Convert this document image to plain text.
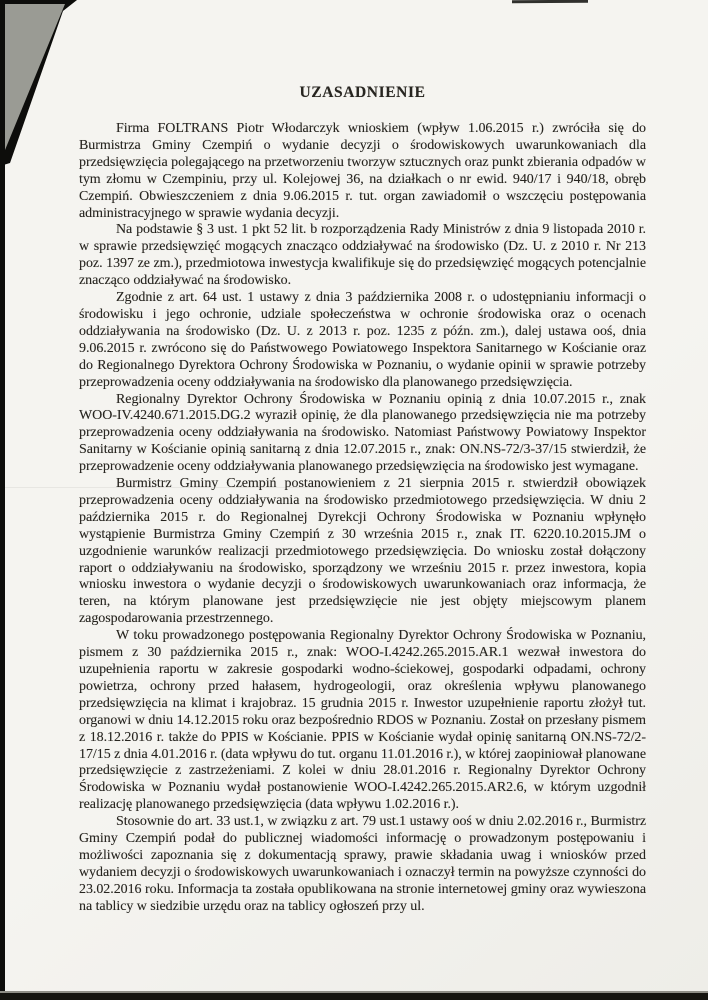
UZASADNIENIE

Firma FOLTRANS Piotr Włodarczyk wnioskiem (wpływ 1.06.2015 r.) zwróciła się do Burmistrza Gminy Czempiń o wydanie decyzji o środowiskowych uwarunkowaniach dla przedsięwzięcia polegającego na przetworzeniu tworzyw sztucznych oraz punkt zbierania odpadów w tym złomu w Czempiniu, przy ul. Kolejowej 36, na działkach o nr ewid. 940/17 i 940/18, obręb Czempiń. Obwieszczeniem z dnia 9.06.2015 r. tut. organ zawiadomił o wszczęciu postępowania administracyjnego w sprawie wydania decyzji.

Na podstawie § 3 ust. 1 pkt 52 lit. b rozporządzenia Rady Ministrów z dnia 9 listopada 2010 r. w sprawie przedsięwzięć mogących znacząco oddziaływać na środowisko (Dz. U. z 2010 r. Nr 213 poz. 1397 ze zm.), przedmiotowa inwestycja kwalifikuje się do przedsięwzięć mogących potencjalnie znacząco oddziaływać na środowisko.

Zgodnie z art. 64 ust. 1 ustawy z dnia 3 października 2008 r. o udostępnianiu informacji o środowisku i jego ochronie, udziale społeczeństwa w ochronie środowiska oraz o ocenach oddziaływania na środowisko (Dz. U. z 2013 r. poz. 1235 z późn. zm.), dalej ustawa ooś, dnia 9.06.2015 r. zwrócono się do Państwowego Powiatowego Inspektora Sanitarnego w Kościanie oraz do Regionalnego Dyrektora Ochrony Środowiska w Poznaniu, o wydanie opinii w sprawie potrzeby przeprowadzenia oceny oddziaływania na środowisko dla planowanego przedsięwzięcia.

Regionalny Dyrektor Ochrony Środowiska w Poznaniu opinią z dnia 10.07.2015 r., znak WOO-IV.4240.671.2015.DG.2 wyraził opinię, że dla planowanego przedsięwzięcia nie ma potrzeby przeprowadzenia oceny oddziaływania na środowisko. Natomiast Państwowy Powiatowy Inspektor Sanitarny w Kościanie opinią sanitarną z dnia 12.07.2015 r., znak: ON.NS-72/3-37/15 stwierdził, że przeprowadzenie oceny oddziaływania planowanego przedsięwzięcia na środowisko jest wymagane.

Burmistrz Gminy Czempiń postanowieniem z 21 sierpnia 2015 r. stwierdził obowiązek przeprowadzenia oceny oddziaływania na środowisko przedmiotowego przedsięwzięcia. W dniu 2 października 2015 r. do Regionalnej Dyrekcji Ochrony Środowiska w Poznaniu wpłynęło wystąpienie Burmistrza Gminy Czempiń z 30 września 2015 r., znak IT. 6220.10.2015.JM o uzgodnienie warunków realizacji przedmiotowego przedsięwzięcia. Do wniosku został dołączony raport o oddziaływaniu na środowisko, sporządzony we wrześniu 2015 r. przez inwestora, kopia wniosku inwestora o wydanie decyzji o środowiskowych uwarunkowaniach oraz informacja, że teren, na którym planowane jest przedsięwzięcie nie jest objęty miejscowym planem zagospodarowania przestrzennego.

W toku prowadzonego postępowania Regionalny Dyrektor Ochrony Środowiska w Poznaniu, pismem z 30 października 2015 r., znak: WOO-I.4242.265.2015.AR.1 wezwał inwestora do uzupełnienia raportu w zakresie gospodarki wodno-ściekowej, gospodarki odpadami, ochrony powietrza, ochrony przed hałasem, hydrogeologii, oraz określenia wpływu planowanego przedsięwzięcia na klimat i krajobraz. 15 grudnia 2015 r. Inwestor uzupełnienie raportu złożył tut. organowi w dniu 14.12.2015 roku oraz bezpośrednio RDOS w Poznaniu. Został on przesłany pismem z 18.12.2016 r. także do PPIS w Kościanie. PPIS w Kościanie wydał opinię sanitarną ON.NS-72/2-17/15 z dnia 4.01.2016 r. (data wpływu do tut. organu 11.01.2016 r.), w której zaopiniował planowane przedsięwzięcie z zastrzeżeniami. Z kolei w dniu 28.01.2016 r. Regionalny Dyrektor Ochrony Środowiska w Poznaniu wydał postanowienie WOO-I.4242.265.2015.AR2.6, w którym uzgodnił realizację planowanego przedsięwzięcia (data wpływu 1.02.2016 r.).

Stosownie do art. 33 ust.1, w związku z art. 79 ust.1 ustawy ooś w dniu 2.02.2016 r., Burmistrz Gminy Czempiń podał do publicznej wiadomości informację o prowadzonym postępowaniu i możliwości zapoznania się z dokumentacją sprawy, prawie składania uwag i wniosków przed wydaniem decyzji o środowiskowych uwarunkowaniach i oznaczył termin na powyższe czynności do 23.02.2016 roku. Informacja ta została opublikowana na stronie internetowej gminy oraz wywieszona na tablicy w siedzibie urzędu oraz na tablicy ogłoszeń przy ul.
